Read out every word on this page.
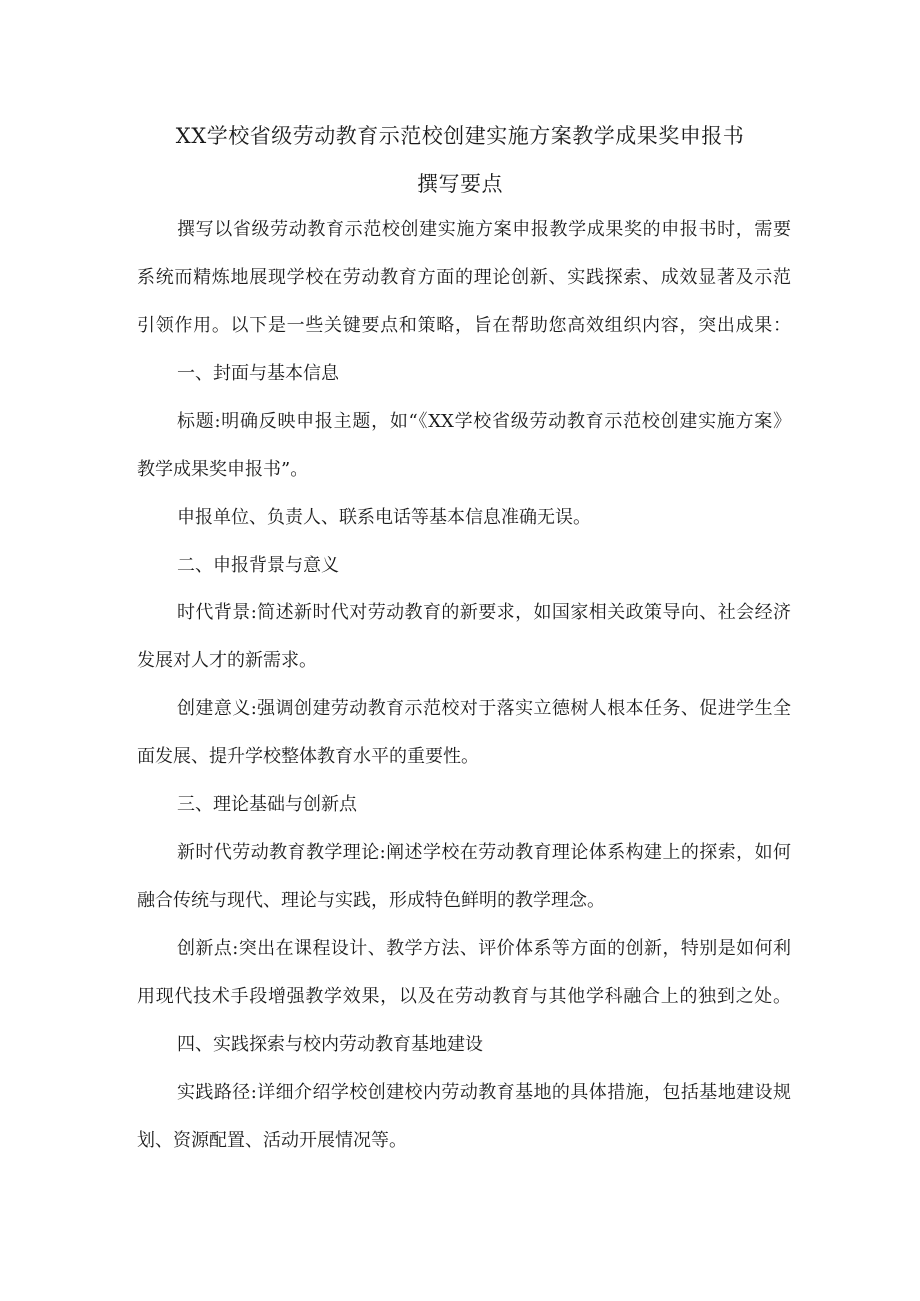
XX学校省级劳动教育示范校创建实施方案教学成果奖申报书
撰写要点
撰写以省级劳动教育示范校创建实施方案申报教学成果奖的申报书时，需要
系统而精炼地展现学校在劳动教育方面的理论创新、实践探索、成效显著及示范
引领作用。以下是一些关键要点和策略，旨在帮助您高效组织内容，突出成果：
一、封面与基本信息
标题:明确反映申报主题，如“《XX学校省级劳动教育示范校创建实施方案》
教学成果奖申报书”。
申报单位、负责人、联系电话等基本信息准确无误。
二、申报背景与意义
时代背景:简述新时代对劳动教育的新要求，如国家相关政策导向、社会经济
发展对人才的新需求。
创建意义:强调创建劳动教育示范校对于落实立德树人根本任务、促进学生全
面发展、提升学校整体教育水平的重要性。
三、理论基础与创新点
新时代劳动教育教学理论:阐述学校在劳动教育理论体系构建上的探索，如何
融合传统与现代、理论与实践，形成特色鲜明的教学理念。
创新点:突出在课程设计、教学方法、评价体系等方面的创新，特别是如何利
用现代技术手段增强教学效果，以及在劳动教育与其他学科融合上的独到之处。
四、实践探索与校内劳动教育基地建设
实践路径:详细介绍学校创建校内劳动教育基地的具体措施，包括基地建设规
划、资源配置、活动开展情况等。
